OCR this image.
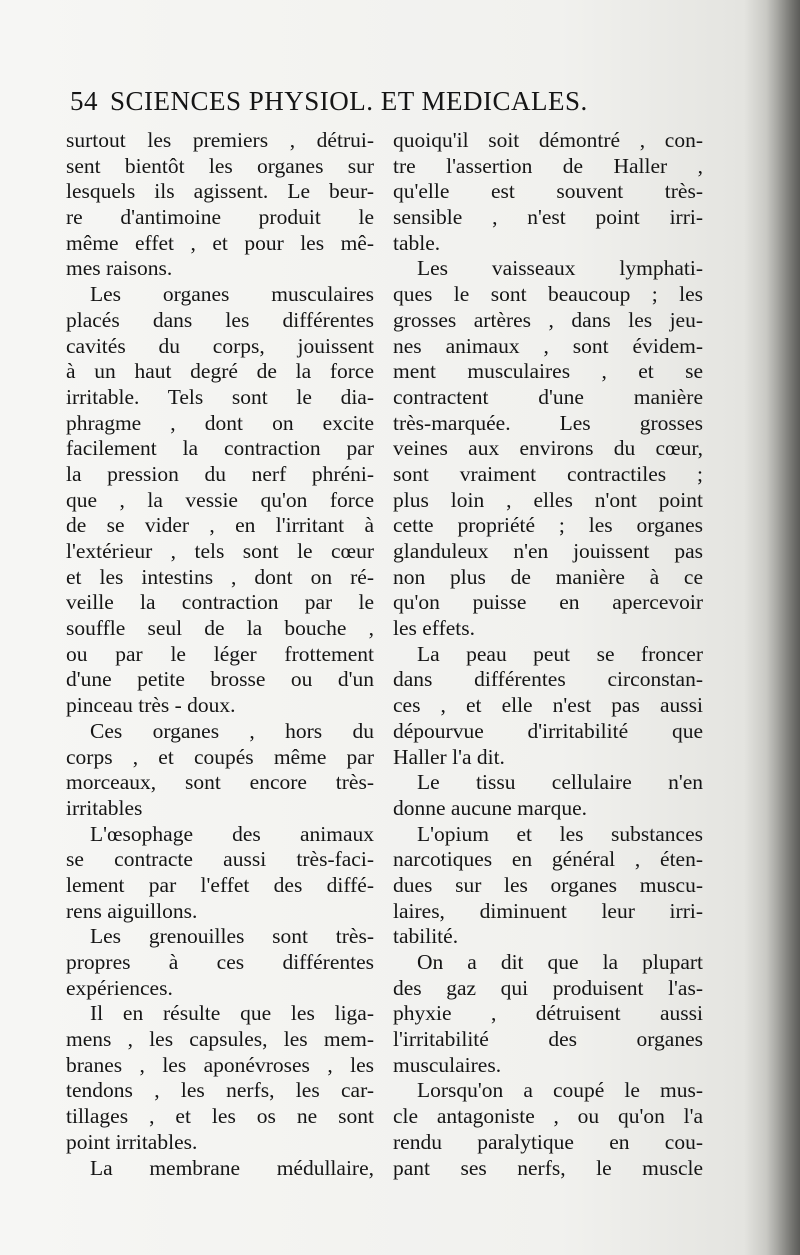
54 SCIENCES PHYSIOL. ET MEDICALES.
surtout les premiers , détrui-
sent bientôt les organes sur
lesquels ils agissent. Le beur-
re d'antimoine produit le
même effet , et pour les mê-
mes raisons.
Les organes musculaires
placés dans les différentes
cavités du corps, jouissent
à un haut degré de la force
irritable. Tels sont le dia-
phragme , dont on excite
facilement la contraction par
la pression du nerf phréni-
que , la vessie qu'on force
de se vider , en l'irritant à
l'extérieur , tels sont le cœur
et les intestins , dont on ré-
veille la contraction par le
souffle seul de la bouche ,
ou par le léger frottement
d'une petite brosse ou d'un
pinceau très - doux.
Ces organes , hors du
corps , et coupés même par
morceaux, sont encore très-
irritables
L'œsophage des animaux
se contracte aussi très-faci-
lement par l'effet des diffé-
rens aiguillons.
Les grenouilles sont très-
propres à ces différentes
expériences.
Il en résulte que les liga-
mens , les capsules, les mem-
branes , les aponévroses , les
tendons , les nerfs, les car-
tillages , et les os ne sont
point irritables.
La membrane médullaire,
quoiqu'il soit démontré , con-
tre l'assertion de Haller ,
qu'elle est souvent très-
sensible , n'est point irri-
table.
Les vaisseaux lymphati-
ques le sont beaucoup ; les
grosses artères , dans les jeu-
nes animaux , sont évidem-
ment musculaires , et se
contractent d'une manière
très-marquée. Les grosses
veines aux environs du cœur,
sont vraiment contractiles ;
plus loin , elles n'ont point
cette propriété ; les organes
glanduleux n'en jouissent pas
non plus de manière à ce
qu'on puisse en apercevoir
les effets.
La peau peut se froncer
dans différentes circonstan-
ces , et elle n'est pas aussi
dépourvue d'irritabilité que
Haller l'a dit.
Le tissu cellulaire n'en
donne aucune marque.
L'opium et les substances
narcotiques en général , éten-
dues sur les organes muscu-
laires, diminuent leur irri-
tabilité.
On a dit que la plupart
des gaz qui produisent l'as-
phyxie , détruisent aussi
l'irritabilité des organes
musculaires.
Lorsqu'on a coupé le mus-
cle antagoniste , ou qu'on l'a
rendu paralytique en cou-
pant ses nerfs, le muscle
